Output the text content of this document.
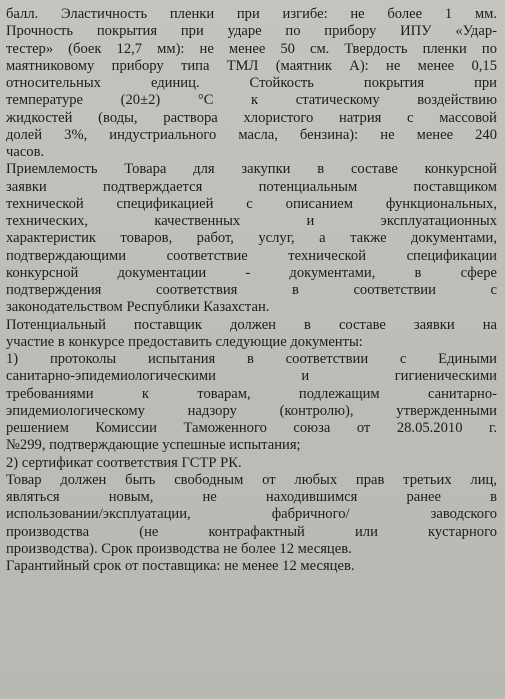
балл. Эластичность пленки при изгибе: не более 1 мм.
Прочность покрытия при ударе по прибору ИПУ «Удар-
тестер» (боек 12,7 мм): не менее 50 см. Твердость пленки по
маятниковому прибору типа ТМЛ (маятник А): не менее 0,15
относительных единиц. Стойкость покрытия при
температуре (20±2) °С к статическому воздействию
жидкостей (воды, раствора хлористого натрия с массовой
долей 3%, индустриального масла, бензина): не менее 240
часов.
Приемлемость Товара для закупки в составе конкурсной
заявки подтверждается потенциальным поставщиком
технической спецификацией с описанием функциональных,
технических, качественных и эксплуатационных
характеристик товаров, работ, услуг, а также документами,
подтверждающими соответствие технической спецификации
конкурсной документации - документами, в сфере
подтверждения соответствия в соответствии с
законодательством Республики Казахстан.
Потенциальный поставщик должен в составе заявки на
участие в конкурсе предоставить следующие документы:
1) протоколы испытания в соответствии с Едиными
санитарно-эпидемиологическими и гигиеническими
требованиями к товарам, подлежащим санитарно-
эпидемиологическому надзору (контролю), утвержденными
решением Комиссии Таможенного союза от 28.05.2010 г.
№299, подтверждающие успешные испытания;
2) сертификат соответствия ГСТР РК.
Товар должен быть свободным от любых прав третьих лиц,
являться новым, не находившимся ранее в
использовании/эксплуатации, фабричного/ заводского
производства (не контрафактный или кустарного
производства). Срок производства не более 12 месяцев.
Гарантийный срок от поставщика: не менее 12 месяцев.
